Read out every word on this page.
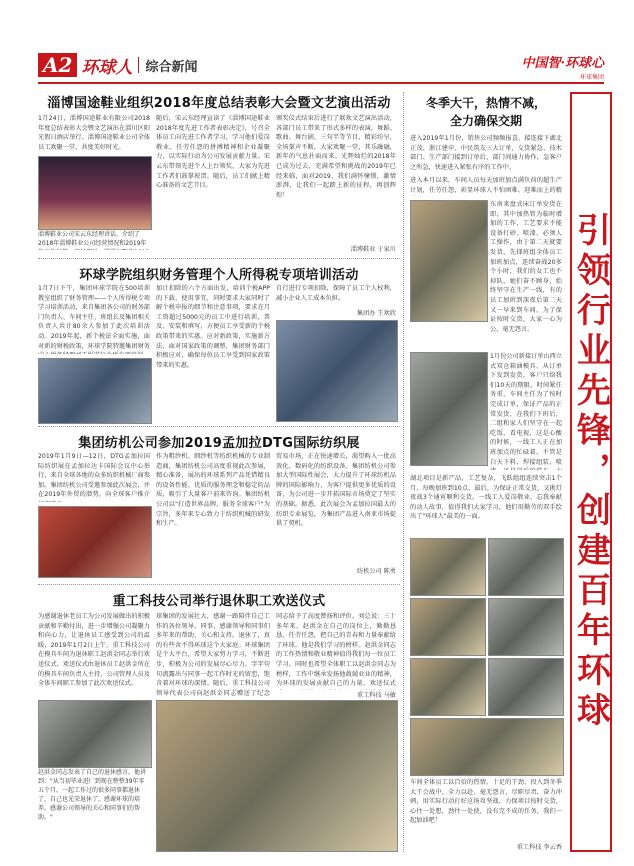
A2 环球人 综合新闻	中国智·环球心
环球集团
淄博国途鞋业组织2018年度总结表彰大会暨文艺演出活动
1月24日，淄博国途鞋业有限公司2018年度总结表彰大会暨文艺演出在淄川区阳光假日酒店举行。淄博国途鞋业公司全体员工欢聚一堂，共度美好时光。
淄博鞋业公司宋云东经理讲话，介绍了2018年淄博鞋业公司经营情况和2019年
随后，宋云东经理宣读了《淄博国途鞋业2018年度先进工作者表彰决定》，号召全体员工向先进工作者学习，学习他们爱岗敬业、任劳任怨的拼搏精神和企业凝聚力，以实际行动为公司发展贡献力量。宋云东带领先进个人上台领奖，大家为先进工作者们鼓掌祝贺。随后，员工们献上精心准备的文艺节目。
颁奖仪式结束后进行了联欢文艺演出活动，各部门员工带来了形式多样的表演，舞蹈、歌曲、舞台剧、三句半等节目，精彩纷呈，全场掌声不断，大家欢聚一堂，其乐融融，新年的气息扑面而来。光辉灿烂的2018年已成为过去，充满希望和挑战的2019年已经来临，面对2019，我们满怀憧憬，激情澎湃，让我们一起踏上新的征程，再创辉煌！
淄博鞋业 于家川
环球学院组织财务管理个人所得税专项培训活动
1月7日下午，集团环球学院在500培训教室组织了财务管理——个人所得税专项学习培训活动，来自集团各公司的财务部门负责人、车间主任、班组长及集团相关负责人共计80余人参加了此次培训活动。2019年起，新个税法全面实施，面对新的财税政策，环球学院特邀集团财务
加计扣除的六个方面出发，培训个税APP的下载、使用事宜，同时要求大家同时了解个税申报的细节和注意事项，要求在月工资超过5000元的员工中进行培训，普及、安装和填写，方便员工享受新的个税政策带来的实惠。应对新政策，实施新方法，面对国家政策的调整，集团财务部门积极应对，确保每位员工享受到国家政策带来的实惠。
自行进行专项扣除，保障了员工个人权利，减小企业人工成本负担。
集团办 王欢欣
集团纺机公司参加2019孟加拉DTG国际纺织展
2019年1月9日—12日，DTG孟加拉国际纺织展在孟加拉达卡国际会议中心举行，来自全球各地的众多纺织机械厂商参加。集团纺机公司受邀参加此次展会，并在2019年外贸的潜势，向全球客户推介
作为粗纱机、细纱机等纺织机械的专业制造商，集团纺机公司高度重视此次参展，精心准备，展出的环球系列产品凭借精良的设备性能、优质的服务理念和稳定的品质，吸引了大量客户前来咨询。集团纺机公司以"打造世界品牌，服务全球客户"为宗旨，多年来专心致力于纺织机械的研发和生产。
贸易市场，正在快速增长，渴望购入一批高效化、数码化的纺织设备。集团纺机公司参加大型国际性展会，大力提升了环球纺机品牌的国际影响力，为客户提供更多优质的设备，为公司进一步开拓国际市场奠定了坚实的基础。据悉，此次展会为孟加拉国最大的纺织专业展览，为集团产品进入南亚市场提供了契机。
纺机公司 陈勇
重工科技公司举行退休职工欢送仪式
为感谢退休老员工为公司发展做出的积极贡献和辛勤付出，进一步增强公司凝聚力和向心力，让退休员工感受到公司的温暖，2019年1月2日上午，重工科技公司在模具车间为退休职工赵洪金同志举行欢送仪式。欢送仪式由退休员工赵洪金所在的模具车间负责人主持，公司管理人员及全体车间职工参加了此次欢送仪式。
赵洪金同志发表了自己的退休感言。他讲到："从当初毕业进厂到现在整整39年零五个月，一起工作过的很多同事都退休了，自己也光荣退休了，感谢环球的培养，感谢公司领导的关心和同事们的帮助。"
球集团的发展壮大，感谢一路陪伴自己工作的各位领导、同事，感谢领导和同事们多年来的帮助、关心和支持。退休了，真的有些舍不得环球这个大家庭。环球集团是个大平台，希望大家努力学习，不断进步，积极为公司的发展尽心尽力。字字句句流露出与同事一起工作时光的留恋，饱含着对环球的深情。随后，重工科技公司领导代表公司向赵洪金同志赠送了纪念
同志给予了高度赞扬和评价。刘总说：三十多年来，赵洪金在自己的岗位上，勤勤恳恳、任劳任怨，把自己的青春和力量奉献给了环球，他是我们学习的榜样。赵洪金同志的工作热情和敬业精神值得我们每一位员工学习。同时也希望全体职工以赵洪金同志为榜样，工作中继承发扬他兢兢业业的精神，为环球的发展贡献自己的力量。欢送仪式
重工科技 马敏
冬季大干，热情不减，
全力确保交期
进入2019年1月份，销售公司频频报喜，接连接下湖北正茂、浙江建申、中民筑友三大订单，交货紧急、技术部门、生产部门接到订单后，部门间通力协作，急客户之所急，快速进入紧张有序的工作中。
进入本月以来，车间人员每天加班加点满负荷的超生产计划，任劳任怨，彰显环球人不怕困难、迎难而上的精
东南来盘式床订单发货在即，其中加热管为临时增加的工作，工艺要求不能设备打砂、喷漆，必须人工操作，由于第二天就要发货，先择班组全体员工加班加点，连续奋战20多个小时，我们的女工也不掉队，她们奋不顾身，始终坚守在生产一线，有的员工加班到深夜后第二天又一早来到车间，为了保证按时交货，大家一心为公，毫无怨言。
1月份公司新接订单山西立式双仓箱涵模具，从订单下发到发货，客户只给我们10天的期限，时间紧任务重，车间主任为了按时完成订单，保证产品的正常发货，在我们下班后，二组和家人们坚守在一起吃饭，看电视，这是心酸的时候，一线工人正在加班加点的忙碌着，不管是白天下料、焊接组装、喷
湖北项目是新产品，工艺复杂，飞跃组组连续突击1个月，每晚加班到10点，最后，为保证正常交货，又挑灯夜战3个通宵顺利交货。一线工人爱岗敬业，忘我奉献的动人故事，值得我们大家学习，他们用勤劳的双手绘出了"环球人"最美的一面。
车间全体员工以百倍的热情、十足的干劲，投入到冬季大干会战中，全力以赴、毫无怨言，尽职尽责，奋力冲刺，用实际行动打好这场攻坚战，力保项目按时交货，心往一处想，劲往一处使，没有完不成的任务，我们一起加油吧！
重工科技 李云香
引领行业先锋，创建百年环球
